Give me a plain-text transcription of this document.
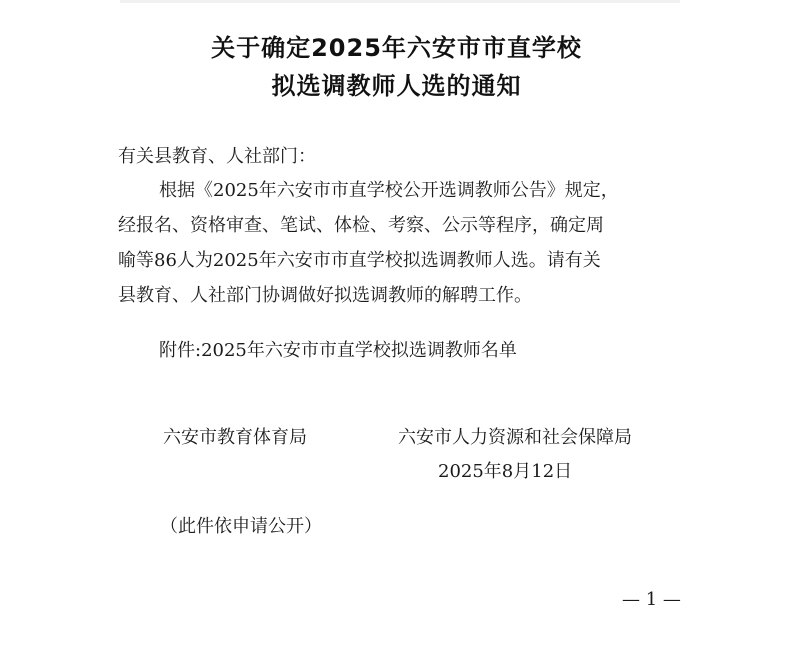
关于确定2025年六安市市直学校
拟选调教师人选的通知
有关县教育、人社部门：
根据《2025年六安市市直学校公开选调教师公告》规定，
经报名、资格审查、笔试、体检、考察、公示等程序，确定周
喻等86人为2025年六安市市直学校拟选调教师人选。请有关
县教育、人社部门协调做好拟选调教师的解聘工作。
附件:2025年六安市市直学校拟选调教师名单
六安市教育体育局	六安市人力资源和社会保障局
2025年8月12日
（此件依申请公开）
— 1 —
